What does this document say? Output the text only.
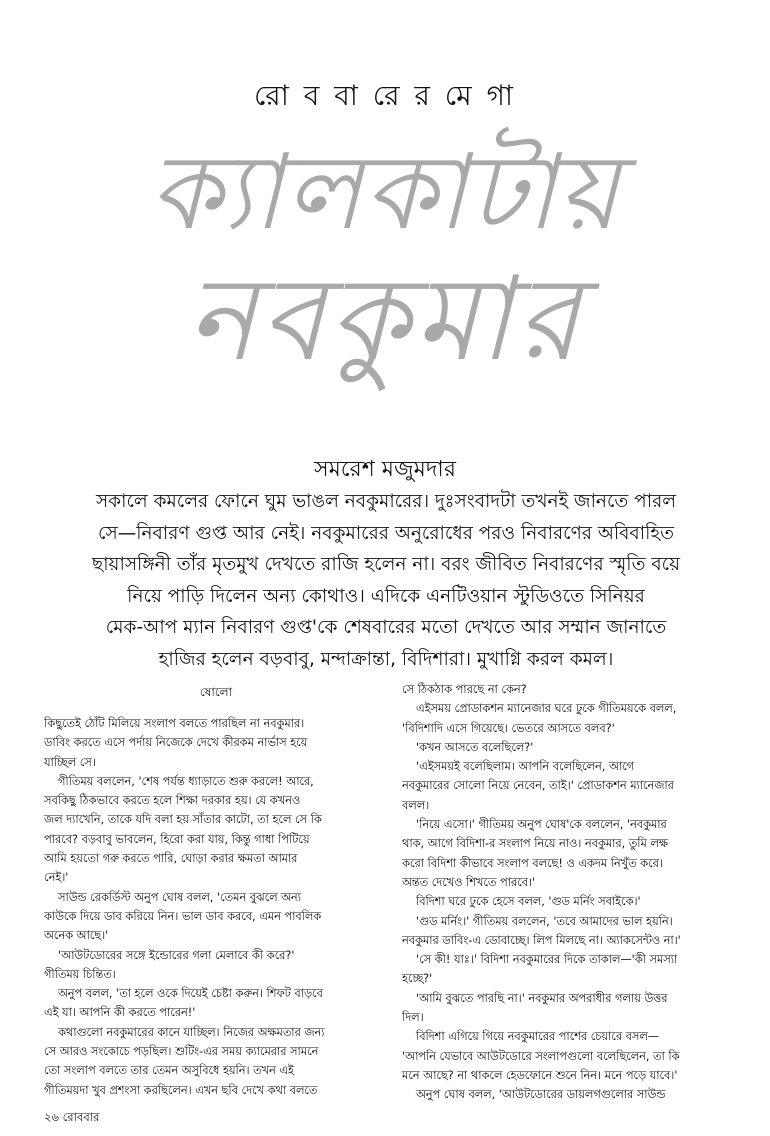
রো ব বা রে র মে গা
ক্যালকাটায়
নবকুমার
সমরেশ মজুমদার
সকালে কমলের ফোনে ঘুম ভাঙল নবকুমারের। দুঃসংবাদটা তখনই জানতে পারল
সে—নিবারণ গুপ্ত আর নেই। নবকুমারের অনুরোধের পরও নিবারণের অবিবাহিত
ছায়াসঙ্গিনী তাঁর মৃতমুখ দেখতে রাজি হলেন না। বরং জীবিত নিবারণের স্মৃতি বয়ে
নিয়ে পাড়ি দিলেন অন্য কোথাও। এদিকে এনটিওয়ান স্টুডিওতে সিনিয়র
মেক-আপ ম্যান নিবারণ গুপ্ত'কে শেষবারের মতো দেখতে আর সম্মান জানাতে
হাজির হলেন বড়বাবু, মন্দাক্রান্তা, বিদিশারা। মুখাগ্নি করল কমল।
ষোলো
কিছুতেই ঠোঁট মিলিয়ে সংলাপ বলতে পারছিল না নবকুমার।
ডাবিং করতে এসে পর্দায় নিজেকে দেখে কীরকম নার্ভাস হয়ে
যাচ্ছিল সে।
গীতিময় বললেন, 'শেষ পর্যন্ত ধ্যাড়াতে শুরু করলে! আরে,
সবকিছু ঠিকভাবে করতে হলে শিক্ষা দরকার হয়। যে কখনও
জল দ্যাখেনি, তাকে যদি বলা হয় সাঁতার কাটো, তা হলে সে কি
পারবে? বড়বাবু ভাবলেন, হিরো করা যায়, কিন্তু গাধা পিটিয়ে
আমি হয়তো গরু করতে পারি, ঘোড়া করার ক্ষমতা আমার
নেই।'
সাউন্ড রেকর্ডিস্ট অনুপ ঘোষ বলল, 'তেমন বুঝলে অন্য
কাউকে দিয়ে ডাব করিয়ে নিন। ভাল ডাব করবে, এমন পাবলিক
অনেক আছে।'
'আউটডোরের সঙ্গে ইন্ডোরের গলা মেলাবে কী করে?'
গীতিময় চিন্তিত।
অনুপ বলল, 'তা হলে ওকে দিয়েই চেষ্টা করুন। শিফট বাড়বে
এই যা। আপনি কী করতে পারেন!'
কথাগুলো নবকুমারের কানে যাচ্ছিল। নিজের অক্ষমতার জন্য
সে আরও সংকোচে পড়ছিল। শুটিং-এর সময় ক্যামেরার সামনে
তো সংলাপ বলতে তার তেমন অসুবিধে হয়নি। তখন এই
গীতিময়দা খুব প্রশংসা করছিলেন। এখন ছবি দেখে কথা বলতে
সে ঠিকঠাক পারছে না কেন?
এইসময় প্রোডাকশন ম্যানেজার ঘরে ঢুকে গীতিময়কে বলল,
'বিদিশাদি এসে গিয়েছে। ভেতরে আসতে বলব?'
'কখন আসতে বলেছিলে?'
'এইসময়ই বলেছিলাম। আপনি বলেছিলেন, আগে
নবকুমারের সোলো নিয়ে নেবেন, তাই।' প্রোডাকশন ম্যানেজার
বলল।
'নিয়ে এসো।' গীতিময় অনুপ ঘোষ'কে বললেন, 'নবকুমার
থাক, আগে বিদিশা-র সংলাপ নিয়ে নাও। নবকুমার, তুমি লক্ষ
করো বিদিশা কীভাবে সংলাপ বলছে! ও একদম নিখুঁত করে।
অন্তত দেখেও শিখতে পারবে।'
বিদিশা ঘরে ঢুকে হেসে বলল, 'গুড মর্নিং সবাইকে।'
'গুড মর্নিং।' গীতিময় বললেন, 'তবে আমাদের ভাল হয়নি।
নবকুমার ডাবিং-এ ডোবাচ্ছে। লিপ মিলছে না। অ্যাকসেন্টও না।'
'সে কী! যাঃ।' বিদিশা নবকুমারের দিকে তাকাল—'কী সমস্যা
হচ্ছে?'
'আমি বুঝতে পারছি না।' নবকুমার অপরাধীর গলায় উত্তর
দিল।
বিদিশা এগিয়ে গিয়ে নবকুমারের পাশের চেয়ারে বসল—
'আপনি যেভাবে আউটডোরে সংলাপগুলো বলেছিলেন, তা কি
মনে আছে? না থাকলে হেডফোনে শুনে নিন। মনে পড়ে যাবে।'
অনুপ ঘোষ বলল, 'আউটডোরের ডায়লগগুলোর সাউন্ড
২৬ রোববার
